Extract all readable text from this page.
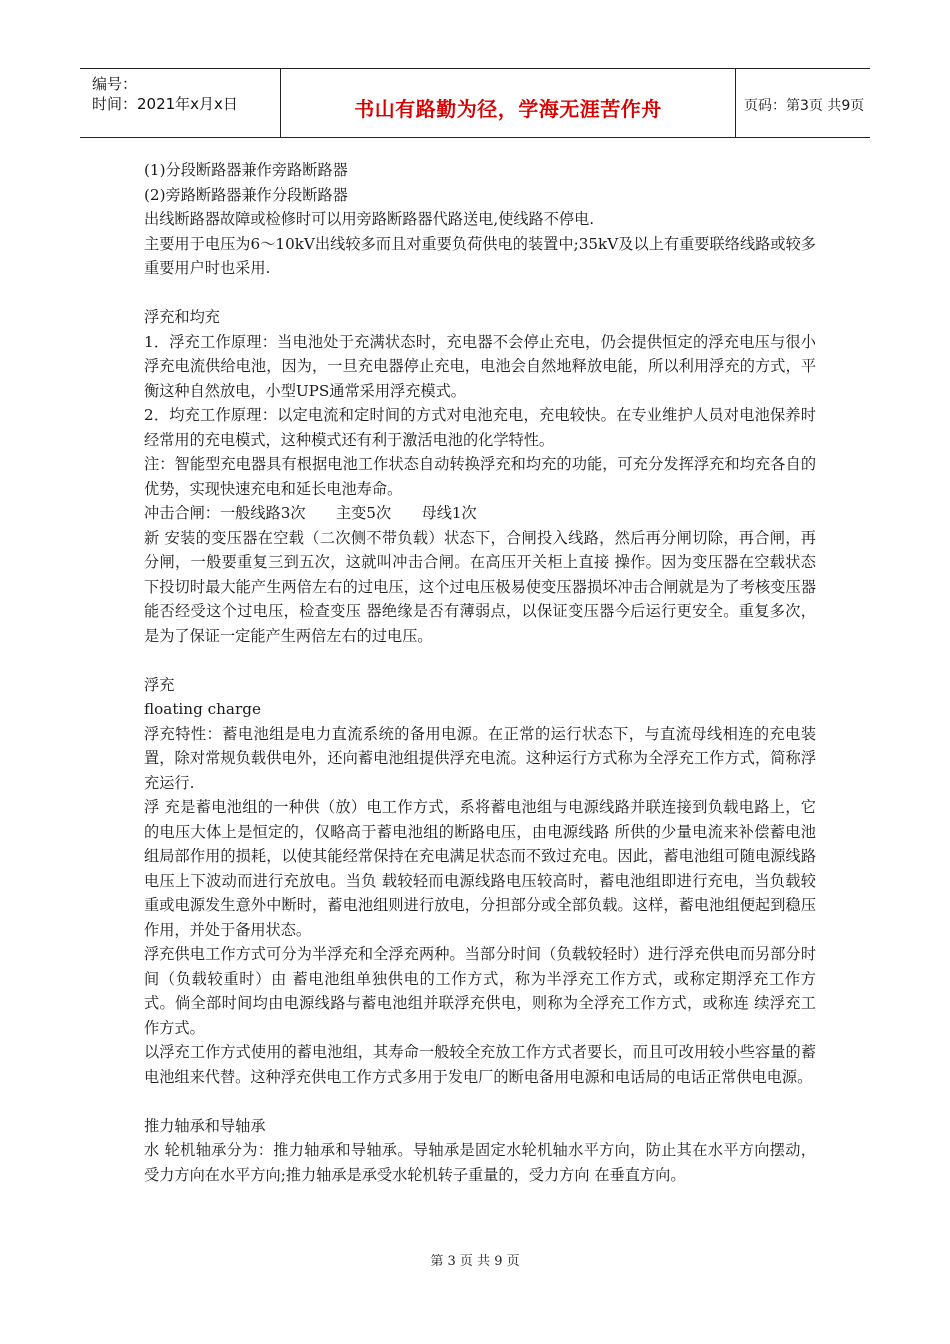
编号：
时间：2021年x月x日	书山有路勤为径，学海无涯苦作舟	页码：第3页 共9页

(1)分段断路器兼作旁路断路器

(2)旁路断路器兼作分段断路器

出线断路器故障或检修时可以用旁路断路器代路送电,使线路不停电.

主要用于电压为6～10kV出线较多而且对重要负荷供电的装置中;35kV及以上有重要联络线路或较多重要用户时也采用.

浮充和均充

1．浮充工作原理：当电池处于充满状态时，充电器不会停止充电，仍会提供恒定的浮充电压与很小浮充电流供给电池，因为，一旦充电器停止充电，电池会自然地释放电能，所以利用浮充的方式，平衡这种自然放电，小型UPS通常采用浮充模式。

2．均充工作原理：以定电流和定时间的方式对电池充电，充电较快。在专业维护人员对电池保养时经常用的充电模式，这种模式还有利于激活电池的化学特性。

注：智能型充电器具有根据电池工作状态自动转换浮充和均充的功能，可充分发挥浮充和均充各自的优势，实现快速充电和延长电池寿命。

冲击合闸：一般线路3次　　主变5次　　母线1次

新 安装的变压器在空载（二次侧不带负载）状态下，合闸投入线路，然后再分闸切除，再合闸，再分闸，一般要重复三到五次，这就叫冲击合闸。在高压开关柜上直接 操作。因为变压器在空载状态下投切时最大能产生两倍左右的过电压，这个过电压极易使变压器损坏冲击合闸就是为了考核变压器能否经受这个过电压，检查变压 器绝缘是否有薄弱点，以保证变压器今后运行更安全。重复多次，是为了保证一定能产生两倍左右的过电压。

浮充

floating charge

浮充特性：蓄电池组是电力直流系统的备用电源。在正常的运行状态下，与直流母线相连的充电装置，除对常规负载供电外，还向蓄电池组提供浮充电流。这种运行方式称为全浮充工作方式，简称浮充运行.

浮 充是蓄电池组的一种供（放）电工作方式，系将蓄电池组与电源线路并联连接到负载电路上，它的电压大体上是恒定的，仅略高于蓄电池组的断路电压，由电源线路 所供的少量电流来补偿蓄电池组局部作用的损耗，以使其能经常保持在充电满足状态而不致过充电。因此，蓄电池组可随电源线路电压上下波动而进行充放电。当负 载较轻而电源线路电压较高时，蓄电池组即进行充电，当负载较重或电源发生意外中断时，蓄电池组则进行放电，分担部分或全部负载。这样，蓄电池组便起到稳压 作用，并处于备用状态。

浮充供电工作方式可分为半浮充和全浮充两种。当部分时间（负载较轻时）进行浮充供电而另部分时间（负载较重时）由 蓄电池组单独供电的工作方式，称为半浮充工作方式，或称定期浮充工作方式。倘全部时间均由电源线路与蓄电池组并联浮充供电，则称为全浮充工作方式，或称连 续浮充工作方式。

以浮充工作方式使用的蓄电池组，其寿命一般较全充放工作方式者要长，而且可改用较小些容量的蓄电池组来代替。这种浮充供电工作方式多用于发电厂的断电备用电源和电话局的电话正常供电电源。

推力轴承和导轴承

水 轮机轴承分为：推力轴承和导轴承。导轴承是固定水轮机轴水平方向，防止其在水平方向摆动，受力方向在水平方向;推力轴承是承受水轮机转子重量的，受力方向 在垂直方向。

第 3 页 共 9 页
